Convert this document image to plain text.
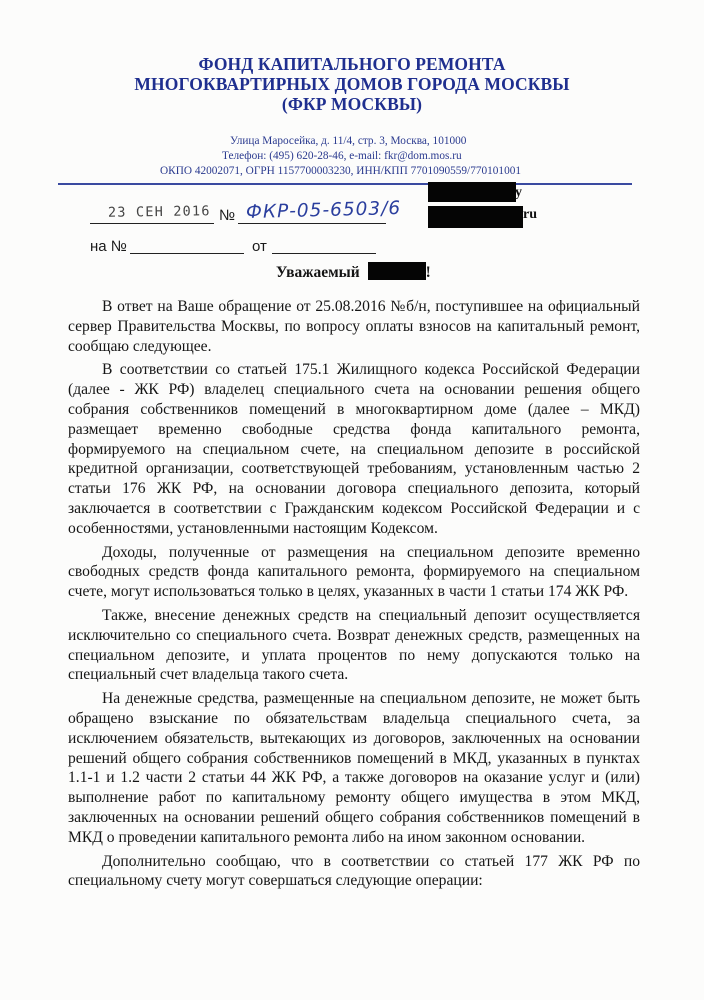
ФОНД КАПИТАЛЬНОГО РЕМОНТА
МНОГОКВАРТИРНЫХ ДОМОВ ГОРОДА МОСКВЫ
(ФКР МОСКВЫ)
Улица Маросейка, д. 11/4, стр. 3, Москва, 101000
Телефон: (495) 620-28-46, e-mail: fkr@dom.mos.ru
ОКПО 42002071, ОГРН 1157700003230, ИНН/КПП 7701090559/770101001
23 СЕН 2016 № ФКР-05-6503/6
на №	от
у
ru
Уважаемый	!

В ответ на Ваше обращение от 25.08.2016 №б/н, поступившее на официальный сервер Правительства Москвы, по вопросу оплаты взносов на капитальный ремонт, сообщаю следующее.

В соответствии со статьей 175.1 Жилищного кодекса Российской Федерации (далее - ЖК РФ) владелец специального счета на основании решения общего собрания собственников помещений в многоквартирном доме (далее – МКД) размещает временно свободные средства фонда капитального ремонта, формируемого на специальном счете, на специальном депозите в российской кредитной организации, соответствующей требованиям, установленным частью 2 статьи 176 ЖК РФ, на основании договора специального депозита, который заключается в соответствии с Гражданским кодексом Российской Федерации и с особенностями, установленными настоящим Кодексом.

Доходы, полученные от размещения на специальном депозите временно свободных средств фонда капитального ремонта, формируемого на специальном счете, могут использоваться только в целях, указанных в части 1 статьи 174 ЖК РФ.

Также, внесение денежных средств на специальный депозит осуществляется исключительно со специального счета. Возврат денежных средств, размещенных на специальном депозите, и уплата процентов по нему допускаются только на специальный счет владельца такого счета.

На денежные средства, размещенные на специальном депозите, не может быть обращено взыскание по обязательствам владельца специального счета, за исключением обязательств, вытекающих из договоров, заключенных на основании решений общего собрания собственников помещений в МКД, указанных в пунктах 1.1-1 и 1.2 части 2 статьи 44 ЖК РФ, а также договоров на оказание услуг и (или) выполнение работ по капитальному ремонту общего имущества в этом МКД, заключенных на основании решений общего собрания собственников помещений в МКД о проведении капитального ремонта либо на ином законном основании.

Дополнительно сообщаю, что в соответствии со статьей 177 ЖК РФ по специальному счету могут совершаться следующие операции:
